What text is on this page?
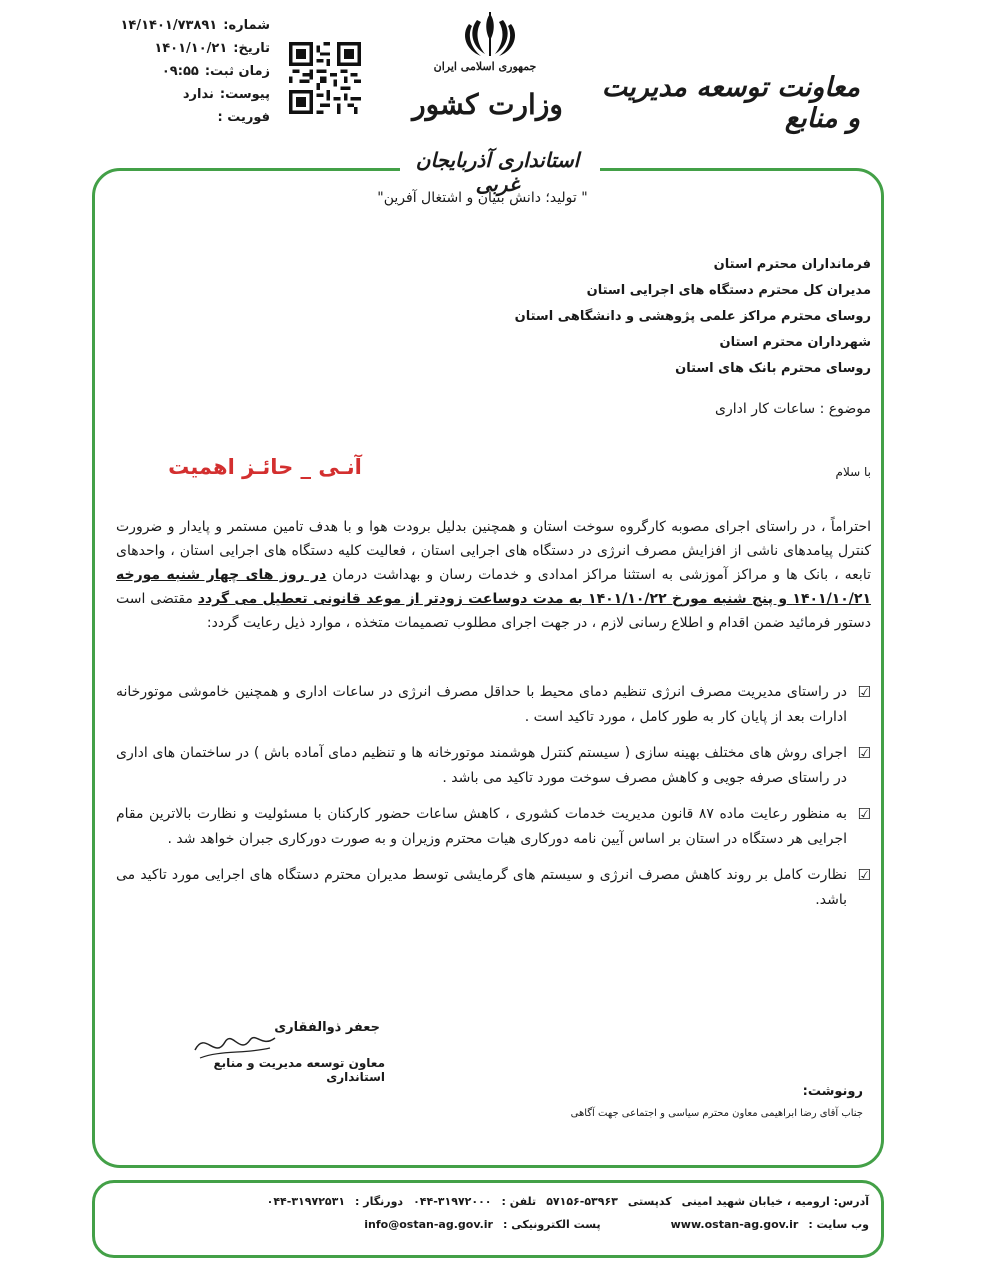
شماره:
۱۴/۱۴۰۱/۷۳۸۹۱
تاریخ:
۱۴۰۱/۱۰/۲۱
زمان ثبت:
۰۹:۵۵
پیوست:
ندارد
فوریت :
جمهوری اسلامی ایران
وزارت کشور
معاونت توسعه مدیریت و منابع
استانداری آذربایجان غربی
" تولید؛ دانش بنیان و اشتغال آفرین"
فرمانداران محترم استان
مدیران کل محترم دستگاه های اجرایی استان
روسای محترم مراکز علمی پژوهشی و دانشگاهی استان
شهرداران محترم استان
روسای محترم بانک های استان
موضوع : ساعات کار اداری
با سلام
آنـی _ حائـز اهمیت
احتراماً ، در راستای اجرای مصوبه کارگروه سوخت استان و همچنین بدلیل برودت هوا و با هدف تامین مستمر و پایدار و ضرورت کنترل پیامدهای ناشی از افزایش مصرف انرژی در دستگاه های اجرایی استان ، فعالیت کلیه دستگاه های اجرایی استان ، واحدهای تابعه ، بانک ها و مراکز آموزشی به استثنا مراکز امدادی و خدمات رسان و بهداشت درمان در روز های چهار شنبه مورخه ۱۴۰۱/۱۰/۲۱ و پنج شنبه مورخ ۱۴۰۱/۱۰/۲۲ به مدت دوساعت زودتر از موعد قانونی تعطیل می گردد مقتضی است دستور فرمائید ضمن اقدام و اطلاع رسانی لازم ، در جهت اجرای مطلوب تصمیمات متخذه ، موارد ذیل رعایت گردد:
☑
در راستای مدیریت مصرف انرژی تنظیم دمای محیط با حداقل مصرف انرژی در ساعات اداری و همچنین خاموشی موتورخانه ادارات بعد از پایان کار به طور کامل ، مورد تاکید است .
☑
اجرای روش های مختلف بهینه سازی ( سیستم کنترل هوشمند موتورخانه ها و تنظیم دمای آماده باش ) در ساختمان های اداری در راستای صرفه جویی و کاهش مصرف سوخت مورد تاکید می باشد .
☑
به منظور رعایت ماده ۸۷ قانون مدیریت خدمات کشوری ، کاهش ساعات حضور کارکنان با مسئولیت و نظارت بالاترین مقام اجرایی هر دستگاه در استان بر اساس آیین نامه دورکاری هیات محترم وزیران و به صورت دورکاری جبران خواهد شد .
☑
نظارت کامل بر روند کاهش مصرف انرژی و سیستم های گرمایشی توسط مدیران محترم دستگاه های اجرایی مورد تاکید می باشد.
جعفر ذوالفقاری
معاون توسعه مدیریت و منابع استانداری
رونوشت:
جناب آقای رضا ابراهیمی معاون محترم سیاسی و اجتماعی جهت آگاهی
آدرس: ارومیه ، خیابان شهید امینی
کدپستی
۵۷۱۵۶-۵۳۹۶۳
تلفن :
۰۴۴-۳۱۹۷۲۰۰۰
دورنگار :
۰۴۴-۳۱۹۷۲۵۳۱
وب سایت :
www.ostan-ag.gov.ir
پست الکترونیکی :
info@ostan-ag.gov.ir
